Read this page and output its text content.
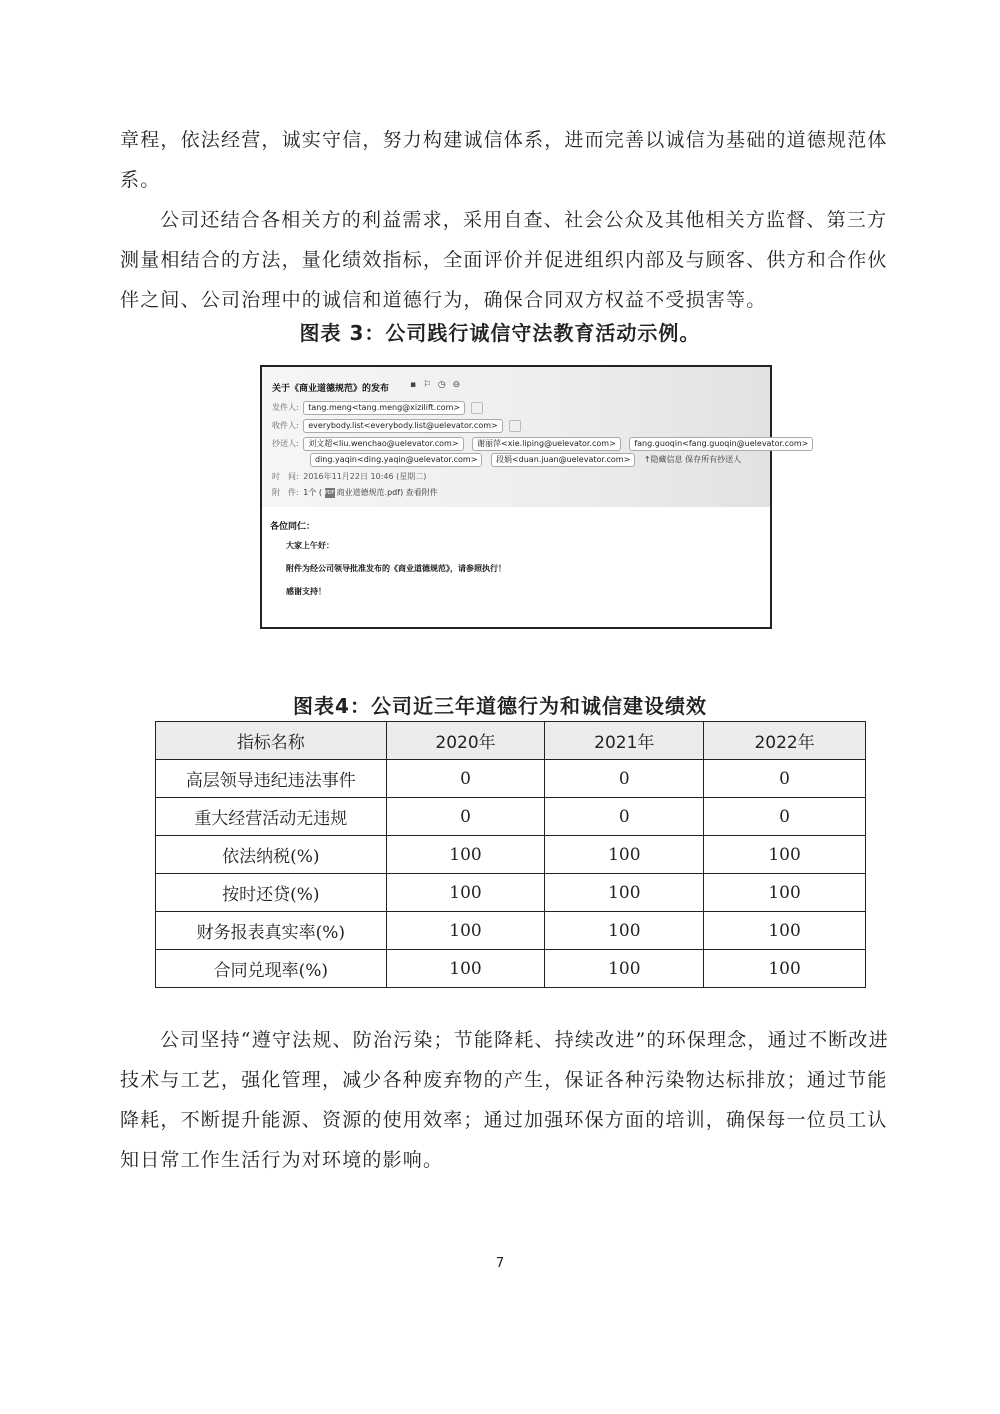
章程，依法经营，诚实守信，努力构建诚信体系，进而完善以诚信为基础的道德规范体系。

公司还结合各相关方的利益需求，采用自查、社会公众及其他相关方监督、第三方测量相结合的方法，量化绩效指标，全面评价并促进组织内部及与顾客、供方和合作伙伴之间、公司治理中的诚信和道德行为，确保合同双方权益不受损害等。

图表 3：公司践行诚信守法教育活动示例。

关于《商业道德规范》的发布 ▪ ⚐ ◷ ⊖
发件人: tang.meng<tang.meng@xizilift.com>
收件人: everybody.list<everybody.list@uelevator.com>
抄送人: 刘文超<liu.wenchao@uelevator.com> 谢丽萍<xie.liping@uelevator.com> fang.guoqin<fang.guoqin@uelevator.com>
ding.yaqin<ding.yaqin@uelevator.com> 段娟<duan.juan@uelevator.com> ↑隐藏信息 保存所有抄送人
时　间: 2016年11月22日 10:46 (星期二)
附　件: 1个 ( PDF 商业道德规范.pdf) 查看附件
各位同仁：
大家上午好：
附件为经公司领导批准发布的《商业道德规范》，请参照执行！
感谢支持！

图表4：公司近三年道德行为和诚信建设绩效

指标名称	2020年	2021年	2022年
高层领导违纪违法事件	0	0	0
重大经营活动无违规	0	0	0
依法纳税(%)	100	100	100
按时还贷(%)	100	100	100
财务报表真实率(%)	100	100	100
合同兑现率(%)	100	100	100

公司坚持“遵守法规、防治污染；节能降耗、持续改进”的环保理念，通过不断改进技术与工艺，强化管理，减少各种废弃物的产生，保证各种污染物达标排放；通过节能降耗，不断提升能源、资源的使用效率；通过加强环保方面的培训，确保每一位员工认知日常工作生活行为对环境的影响。

7
